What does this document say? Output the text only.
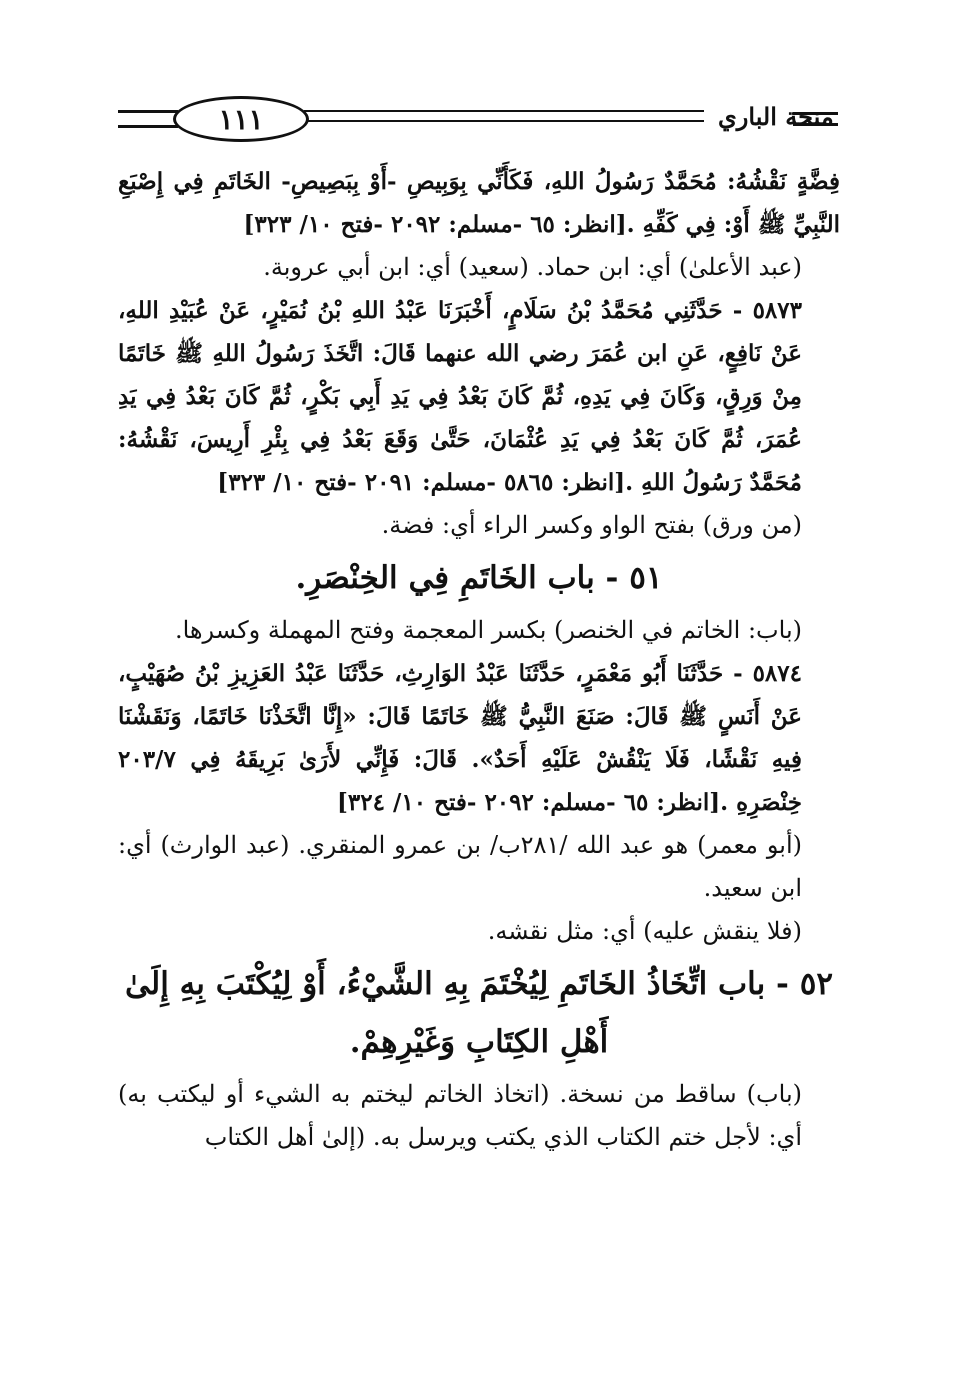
١١١	منحة الباري

فِضَّةٍ نَقْشُهُ: مُحَمَّدٌ رَسُولُ اللهِ، فَكَأَنِّي بِوَبِيصِ -أَوْ بِبَصِيصِ- الخَاتَمِ فِي إِصْبَعِ النَّبِيِّ ﷺ أَوْ: فِي كَفِّهِ .[انظر: ٦٥ -مسلم: ٢٠٩٢ -فتح ١٠/ ٣٢٣]

(عبد الأعلىٰ) أي: ابن حماد. (سعيد) أي: ابن أبي عروبة.

٥٨٧٣ - حَدَّثَنِي مُحَمَّدُ بْنُ سَلَامٍ، أَخْبَرَنَا عَبْدُ اللهِ بْنُ نُمَيْرٍ، عَنْ عُبَيْدِ اللهِ، عَنْ نَافِعٍ، عَنِ ابن عُمَرَ رضي الله عنهما قَالَ: اتَّخَذَ رَسُولُ اللهِ ﷺ خَاتَمًا مِنْ وَرِقٍ، وَكَانَ فِي يَدِهِ، ثُمَّ كَانَ بَعْدُ فِي يَدِ أَبِي بَكْرٍ، ثُمَّ كَانَ بَعْدُ فِي يَدِ عُمَرَ، ثُمَّ كَانَ بَعْدُ فِي يَدِ عُثْمَانَ، حَتَّىٰ وَقَعَ بَعْدُ فِي بِئْرِ أَرِيسَ، نَقْشُهُ: مُحَمَّدٌ رَسُولُ اللهِ .[انظر: ٥٨٦٥ -مسلم: ٢٠٩١ -فتح ١٠/ ٣٢٣]

(من ورق) بفتح الواو وكسر الراء أي: فضة.

٥١ - باب الخَاتَمِ فِي الخِنْصَرِ.

(باب: الخاتم في الخنصر) بكسر المعجمة وفتح المهملة وكسرها.

٥٨٧٤ - حَدَّثَنَا أَبُو مَعْمَرٍ، حَدَّثَنَا عَبْدُ الوَارِثِ، حَدَّثَنَا عَبْدُ العَزِيزِ بْنُ صُهَيْبٍ، عَنْ أَنَسٍ ﷺ قَالَ: صَنَعَ النَّبِيُّ ﷺ خَاتَمًا قَالَ: «إِنَّا اتَّخَذْنَا خَاتَمًا، وَنَقَشْنَا فِيهِ نَقْشًا، فَلَا يَنْقُشْ عَلَيْهِ أَحَدٌ». قَالَ: فَإِنِّي لأَرَىٰ بَرِيقَهُ فِي ٢٠٣/٧ خِنْصَرِهِ .[انظر: ٦٥ -مسلم: ٢٠٩٢ -فتح ١٠/ ٣٢٤]

(أبو معمر) هو عبد الله /٢٨١ب/ بن عمرو المنقري. (عبد الوارث) أي: ابن سعيد.

(فلا ينقش عليه) أي: مثل نقشه.

٥٢ - باب اتِّخَاذُ الخَاتَمِ لِيُخْتَمَ بِهِ الشَّيْءُ، أَوْ لِيُكْتَبَ بِهِ إِلَىٰ أَهْلِ الكِتَابِ وَغَيْرِهِمْ.

(باب) ساقط من نسخة. (اتخاذ الخاتم ليختم به الشيء أو ليكتب به) أي: لأجل ختم الكتاب الذي يكتب ويرسل به. (إلىٰ أهل الكتاب
